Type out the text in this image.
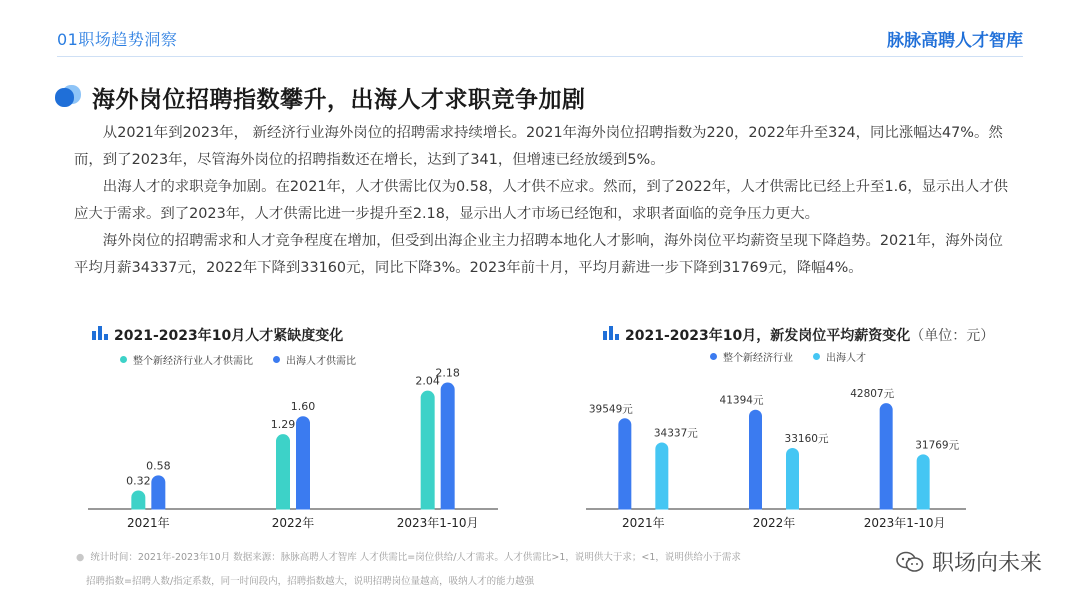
01职场趋势洞察	脉脉高聘人才智库
海外岗位招聘指数攀升，出海人才求职竞争加剧

从2021年到2023年， 新经济行业海外岗位的招聘需求持续增长。2021年海外岗位招聘指数为220，2022年升至324，同比涨幅达47%。然而，到了2023年，尽管海外岗位的招聘指数还在增长，达到了341，但增速已经放缓到5%。

出海人才的求职竞争加剧。在2021年，人才供需比仅为0.58，人才供不应求。然而，到了2022年，人才供需比已经上升至1.6，显示出人才供应大于需求。到了2023年，人才供需比进一步提升至2.18，显示出人才市场已经饱和，求职者面临的竞争压力更大。

海外岗位的招聘需求和人才竞争程度在增加，但受到出海企业主力招聘本地化人才影响，海外岗位平均薪资呈现下降趋势。2021年，海外岗位平均月薪34337元，2022年下降到33160元，同比下降3%。2023年前十月，平均月薪进一步下降到31769元，降幅4%。

2021-2023年10月人才紧缺度变化
整个新经济行业人才供需比	出海人才供需比
0.32
0.58
2021年
1.29
1.60
2022年
2.04
2.18
2023年1-10月
2021-2023年10月，新发岗位平均薪资变化（单位：元）
整个新经济行业	出海人才
39549元
34337元
2021年
41394元
33160元
2022年
42807元
31769元
2023年1-10月
● 统计时间：2021年-2023年10月 数据来源：脉脉高聘人才智库 人才供需比=岗位供给/人才需求。人才供需比>1，说明供大于求；<1，说明供给小于需求
招聘指数=招聘人数/指定系数，同一时间段内，招聘指数越大，说明招聘岗位量越高，吸纳人才的能力越强
职场向未来
